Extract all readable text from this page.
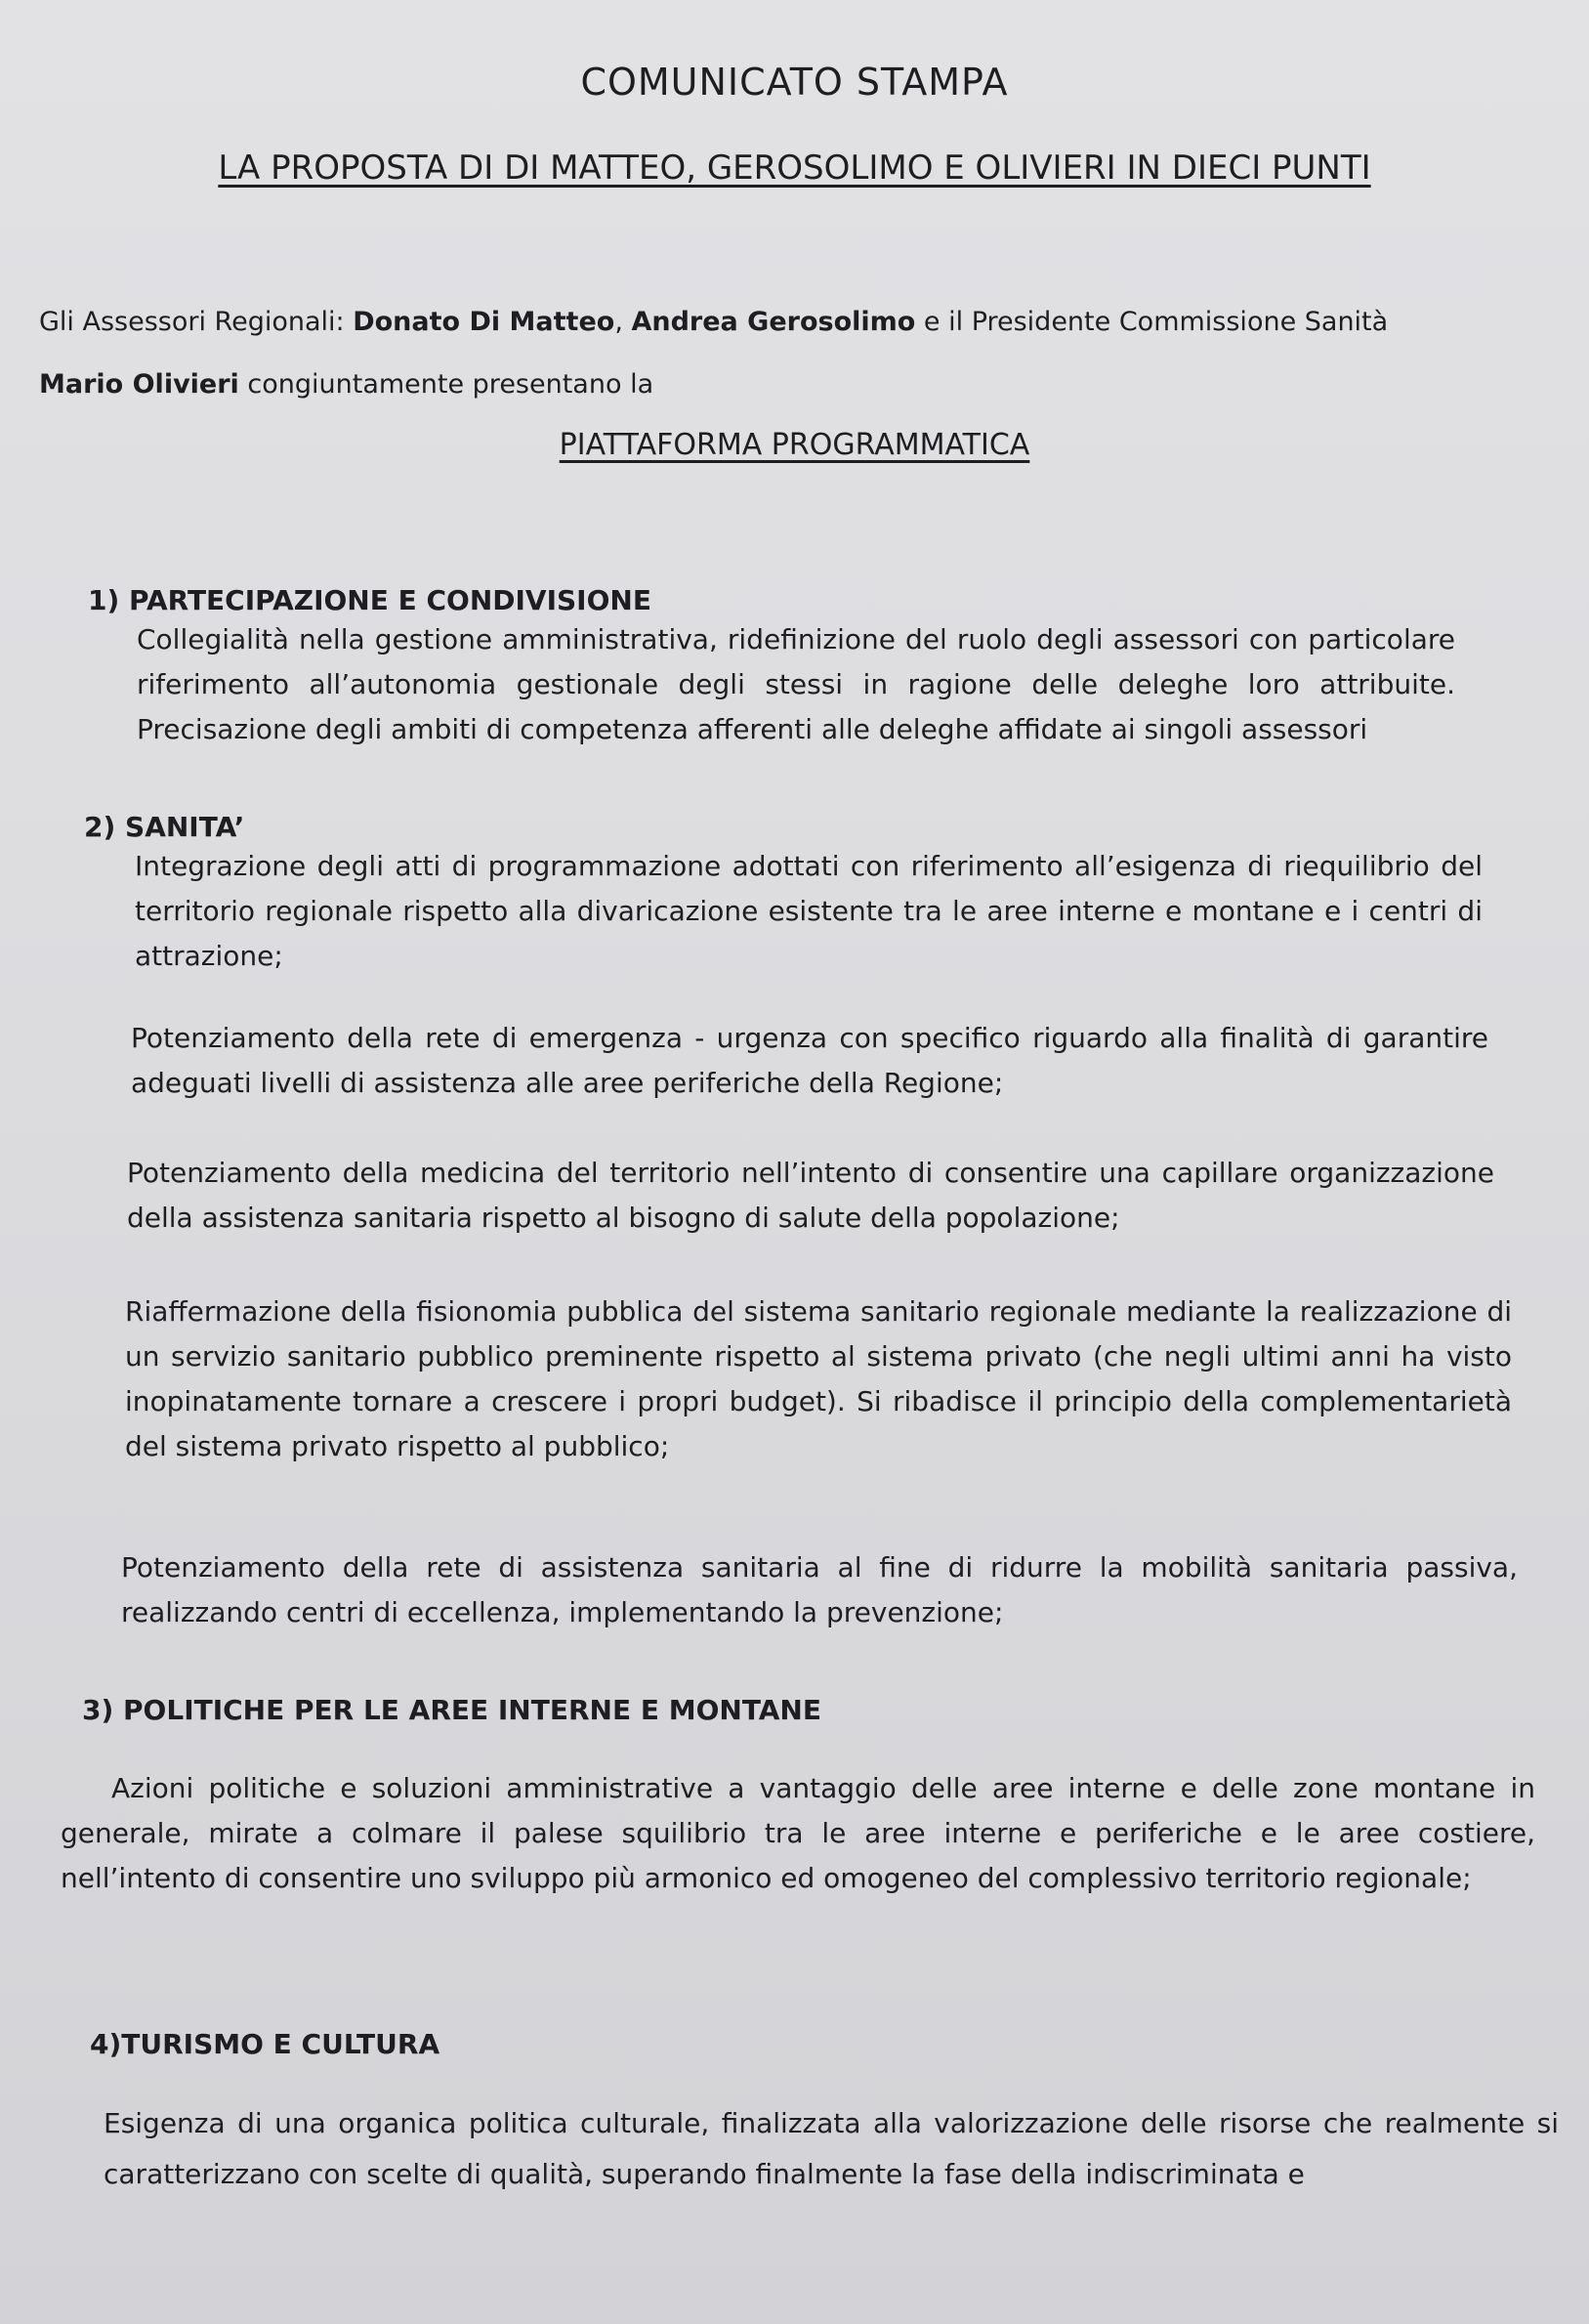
COMUNICATO STAMPA
LA PROPOSTA DI DI MATTEO, GEROSOLIMO E OLIVIERI IN DIECI PUNTI
Gli Assessori Regionali: Donato Di Matteo, Andrea Gerosolimo e il Presidente Commissione Sanità Mario Olivieri congiuntamente presentano la
PIATTAFORMA PROGRAMMATICA
1) PARTECIPAZIONE E CONDIVISIONE
Collegialità nella gestione amministrativa, ridefinizione del ruolo degli assessori con particolare riferimento all’autonomia gestionale degli stessi in ragione delle deleghe loro attribuite. Precisazione degli ambiti di competenza afferenti alle deleghe affidate ai singoli assessori
2) SANITA’
Integrazione degli atti di programmazione adottati con riferimento all’esigenza di riequilibrio del territorio regionale rispetto alla divaricazione esistente tra le aree interne e montane e i centri di attrazione;
Potenziamento della rete di emergenza - urgenza con specifico riguardo alla finalità di garantire adeguati livelli di assistenza alle aree periferiche della Regione;
Potenziamento della medicina del territorio nell’intento di consentire una capillare organizzazione della assistenza sanitaria rispetto al bisogno di salute della popolazione;
Riaffermazione della fisionomia pubblica del sistema sanitario regionale mediante la realizzazione di un servizio sanitario pubblico preminente rispetto al sistema privato (che negli ultimi anni ha visto inopinatamente tornare a crescere i propri budget). Si ribadisce il principio della complementarietà del sistema privato rispetto al pubblico;
Potenziamento della rete di assistenza sanitaria al fine di ridurre la mobilità sanitaria passiva, realizzando centri di eccellenza, implementando la prevenzione;
3) POLITICHE PER LE AREE INTERNE E MONTANE
Azioni politiche e soluzioni amministrative a vantaggio delle aree interne e delle zone montane in generale, mirate a colmare il palese squilibrio tra le aree interne e periferiche e le aree costiere, nell’intento di consentire uno sviluppo più armonico ed omogeneo del complessivo territorio regionale;
4)TURISMO E CULTURA
Esigenza di una organica politica culturale, finalizzata alla valorizzazione delle risorse che realmente si caratterizzano con scelte di qualità, superando finalmente la fase della indiscriminata e
